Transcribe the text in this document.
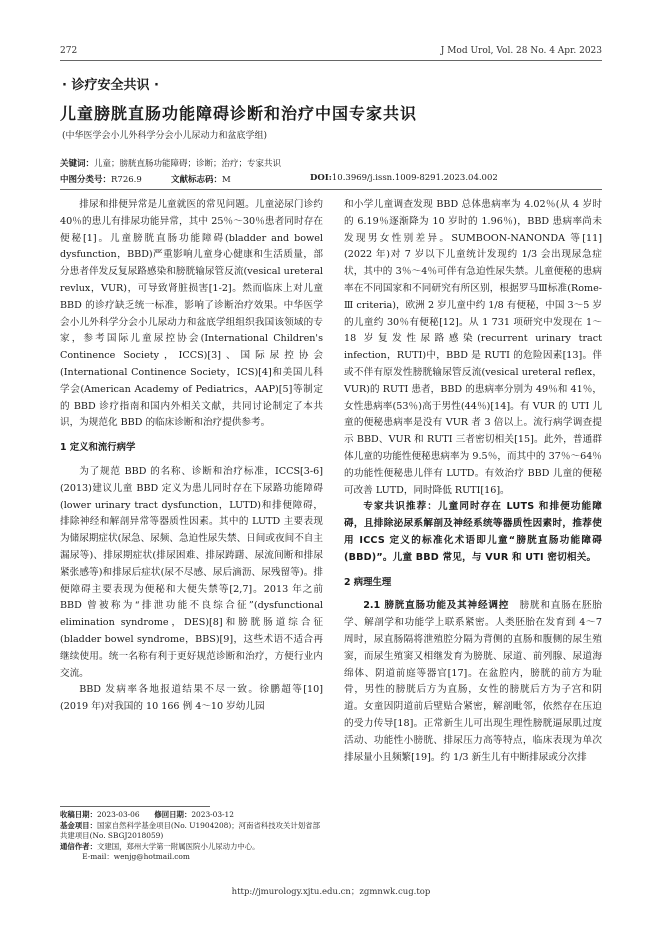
272	J Mod Urol, Vol. 28 No. 4 Apr. 2023
· 诊疗安全共识 ·
儿童膀胱直肠功能障碍诊断和治疗中国专家共识
(中华医学会小儿外科学分会小儿尿动力和盆底学组)
关键词：儿童；膀胱直肠功能障碍；诊断；治疗；专家共识
中图分类号：R726.9	文献标志码：M	DOI:10.3969/j.issn.1009-8291.2023.04.002

排尿和排便异常是儿童就医的常见问题。儿童泌尿门诊约 40％的患儿有排尿功能异常，其中 25％～30％患者同时存在便秘[1]。儿童膀胱直肠功能障碍(bladder and bowel dysfunction，BBD)严重影响儿童身心健康和生活质量，部分患者伴发反复尿路感染和膀胱输尿管反流(vesical ureteral revlux，VUR)，可导致肾脏损害[1-2]。然而临床上对儿童 BBD 的诊疗缺乏统一标准，影响了诊断治疗效果。中华医学会小儿外科学分会小儿尿动力和盆底学组组织我国该领域的专家，参考国际儿童尿控协会(International Children's Continence Society，ICCS)[3]、国际尿控协会(International Continence Society，ICS)[4]和美国儿科学会(American Academy of Pediatrics，AAP)[5]等制定的 BBD 诊疗指南和国内外相关文献，共同讨论制定了本共识，为规范化 BBD 的临床诊断和治疗提供参考。

1 定义和流行病学

为了规范 BBD 的名称、诊断和治疗标准，ICCS[3-6](2013)建议儿童 BBD 定义为患儿同时存在下尿路功能障碍(lower urinary tract dysfunction，LUTD)和排便障碍，排除神经和解剖异常等器质性因素。其中的 LUTD 主要表现为储尿期症状(尿急、尿频、急迫性尿失禁、日间或夜间不自主漏尿等)、排尿期症状(排尿困难、排尿踌躇、尿流间断和排尿紧张感等)和排尿后症状(尿不尽感、尿后滴沥、尿残留等)。排便障碍主要表现为便秘和大便失禁等[2,7]。2013 年之前 BBD 曾被称为“排泄功能不良综合征”(dysfunctional elimination syndrome，DES)[8]和膀胱肠道综合征(bladder bowel syndrome，BBS)[9]，这些术语不适合再继续使用。统一名称有利于更好规范诊断和治疗，方便行业内交流。

BBD 发病率各地报道结果不尽一致。徐鹏超等[10](2019 年)对我国的 10 166 例 4～10 岁幼儿园

和小学儿童调查发现 BBD 总体患病率为 4.02％(从 4 岁时的 6.19％逐渐降为 10 岁时的 1.96％)，BBD 患病率尚未发现男女性别差异。SUMBOON-NANONDA 等[11](2022 年)对 7 岁以下儿童统计发现约 1/3 会出现尿急症状，其中的 3％～4％可伴有急迫性尿失禁。儿童便秘的患病率在不同国家和不同研究有所区别，根据罗马Ⅲ标准(Rome-Ⅲ criteria)，欧洲 2 岁儿童中约 1/8 有便秘，中国 3～5 岁的儿童约 30％有便秘[12]。从 1 731 项研究中发现在 1～18 岁复发性尿路感染(recurrent urinary tract infection，RUTI)中，BBD 是 RUTI 的危险因素[13]。伴或不伴有原发性膀胱输尿管反流(vesical ureteral reflex，VUR)的 RUTI 患者，BBD 的患病率分别为 49％和 41％，女性患病率(53％)高于男性(44％)[14]。有 VUR 的 UTI 儿童的便秘患病率是没有 VUR 者 3 倍以上。流行病学调查提示 BBD、VUR 和 RUTI 三者密切相关[15]。此外，普通群体儿童的功能性便秘患病率为 9.5％，而其中的 37％～64％的功能性便秘患儿伴有 LUTD。有效治疗 BBD 儿童的便秘可改善 LUTD，同时降低 RUTI[16]。

专家共识推荐：儿童同时存在 LUTS 和排便功能障碍，且排除泌尿系解剖及神经系统等器质性因素时，推荐使用 ICCS 定义的标准化术语即儿童“膀胱直肠功能障碍(BBD)”。儿童 BBD 常见，与 VUR 和 UTI 密切相关。

2 病理生理

2.1 膀胱直肠功能及其神经调控  膀胱和直肠在胚胎学、解剖学和功能学上联系紧密。人类胚胎在发育到 4～7 周时，尿直肠隔将泄殖腔分隔为背侧的直肠和腹侧的尿生殖窦，而尿生殖窦又相继发育为膀胱、尿道、前列腺、尿道海绵体、阴道前庭等器官[17]。在盆腔内，膀胱的前方为耻骨，男性的膀胱后方为直肠，女性的膀胱后方为子宫和阴道。女童因阴道前后壁贴合紧密，解剖毗邻，依然存在压迫的受力传导[18]。正常新生儿可出现生理性膀胱逼尿肌过度活动、功能性小膀胱、排尿压力高等特点，临床表现为单次排尿量小且频繁[19]。约 1/3 新生儿有中断排尿或分次排

收稿日期：2023-03-06   修回日期：2023-03-12
基金项目：国家自然科学基金项目(No. U1904208)；河南省科技攻关计划省部共建项目(No. SBGJ2018059)
通信作者：文建国，郑州大学第一附属医院小儿尿动力中心。
E-mail：wenjg@hotmail.com
http://jmurology.xjtu.edu.cn；zgmnwk.cug.top
